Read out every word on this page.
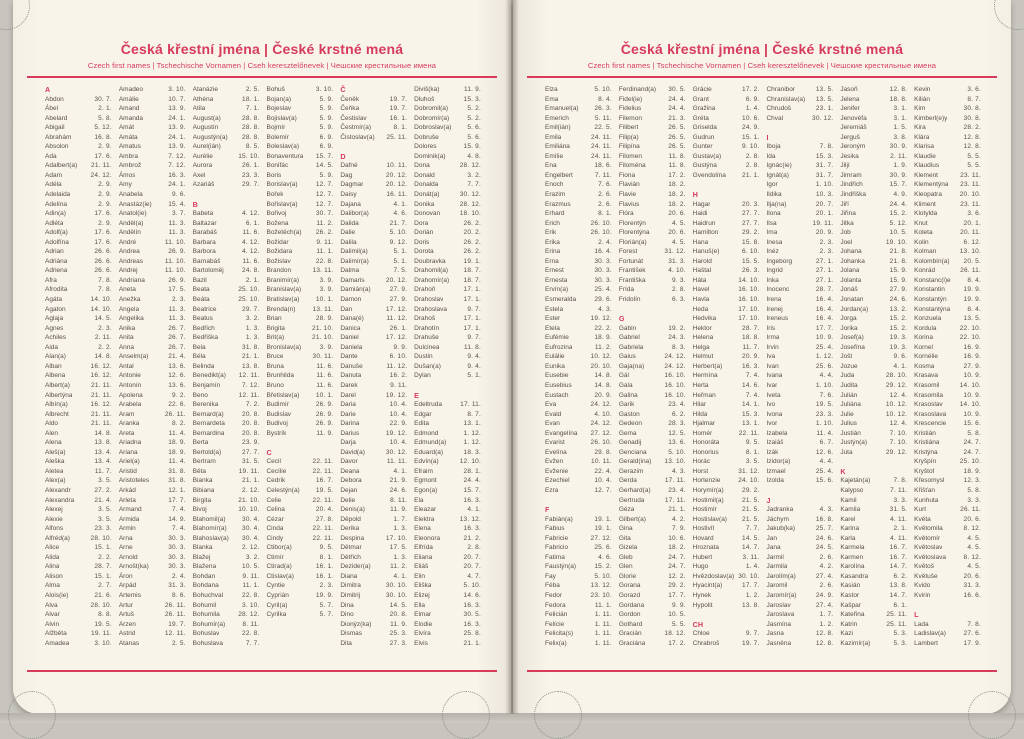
Česká křestní jména | České krstné mená
Czech first names | Tschechische Vornamen | Cseh keresztelőnevek | Чешские крестильные имена
A
Abdon	30. 7.
Ábel	2. 1.
Abelard	5. 8.
Abigail	5. 12.
Abrahám	16. 8.
Absolon	2. 9.
Ada	17. 6.
Adalbert(a) 21. 11.
Adam	24. 12.
Adéla	2. 9.
Adelaida	2. 9.
Adelína	2. 9.
Adin(a)	17. 6.
Adléta	2. 9.
Adolf(a)	17. 6.
Adolfína	17. 6.
Adrian	26. 6.
Adriána	26. 6.
Adriena	26. 6.
Afra	7. 8.
Afrodita	7. 8.
Agáta	14. 10.
Agaton	14. 10.
Aglaja	14. 5.
Agnes	2. 3.
Achiles	2. 11.
Aida	2. 2.
Alan(a)	14. 8.
Alban	16. 12.
Albena	16. 12.
Albert(a)	21. 11.
Albertýna	21. 11.
Albín(a)	16. 12.
Albrecht	21. 11.
Aldo	21. 11.
Alen	14. 8.
Alena	13. 8.
Aleš(a)	13. 4.
Aleška	13. 4.
Aletea	11. 7.
Alex(a)	3. 5.
Alexandr	27. 2.
Alexandra	21. 4.
Alexej	3. 5.
Alexie	3. 5.
Alfons	23. 3.
Alfréd(a)	28. 10.
Alice	15. 1.
Alida	2. 2.
Alina	28. 7.
Alison	15. 1.
Alma	2. 7.
Alois(ie)	21. 6.
Alva	28. 10.
Alvar	8. 8.
Alvin	19. 5.
Alžběta	19. 11.
Amadea	3. 10.
Amadeo	3. 10.
Amálie	10. 7.
Amand	13. 9.
Amanda	24. 1.
Amát	13. 9.
Amáta	24. 1.
Amatus	13. 9.
Ambra	7. 12.
Ambrož	7. 12.
Ámos	16. 3.
Amy	24. 1.
Anabela	9. 6.
Anastáz(ie)	15. 4.
Anatol(ie)	3. 7.
Anděl(a)	11. 3.
Andělín	11. 3.
André	11. 10.
Andrea	26. 9.
Andreas	11. 10.
Andrej	11. 10.
Andriana	26. 9.
Aneta	17. 5.
Anežka	2. 3.
Angela	11. 3.
Angelika	11. 3.
Anika	26. 7.
Anita	26. 7.
Anna	26. 7.
Anselm(a)	21. 4.
Antal	13. 6.
Antonie	12. 6.
Antonín	13. 6.
Apolena	9. 2.
Arabela	22. 6.
Aram	26. 11.
Aranka	8. 2.
Areta	11. 4.
Ariadna	18. 9.
Ariana	18. 9.
Ariel(a)	11. 4.
Aristid	31. 8.
Aristoteles	31. 8.
Arkád	12. 1.
Arleta	17. 7.
Armand	7. 4.
Armida	14. 9.
Armin	7. 4.
Arna	30. 3.
Arne	30. 3.
Arnold	30. 3.
Arnošt(ka)	30. 3.
Áron	2. 4.
Arpád	31. 3.
Artemis	8. 6.
Artur	26. 11.
Artuš	26. 11.
Arzen	19. 7.
Astrid	12. 11.
Atanas	2. 5.
Atanázie	2. 5.
Athéna	18. 1.
Atila	7. 1.
August(a)	28. 8.
Augustín	28. 8.
Augustýn(a) 28. 8.
Aurel(ián)	8. 5.
Aurélie	15. 10.
Aurora	26. 1.
Axel	23. 3.
Azariáš	29. 7.
B
Babeta	4. 12.
Baltazar	6. 1.
Barabáš	11. 6.
Barbara	4. 12.
Barbora	4. 12.
Barnabáš	11. 6.
Bartoloměj	24. 8.
Bazil	2. 1.
Beata	25. 10.
Beáta	25. 10.
Beatrice	29. 7.
Beatus	3. 2.
Bedřich	1. 3.
Bedřiška	1. 3.
Bela	31. 8.
Béla	21. 1.
Belinda	13. 8.
Benedikt(a) 12. 11.
Benjamín	7. 12.
Beno	12. 11.
Berenika	7. 2.
Bernard(a)	20. 8.
Bernardeta	20. 8.
Bernardina	20. 8.
Berta	23. 9.
Bertold(a)	27. 7.
Bertram	31. 5.
Běta	19. 11.
Bianka	21. 1.
Bibiana	2. 12.
Birgita	21. 10.
Bivoj	10. 10.
Blahomil(a)	30. 4.
Blahomír(a) 30. 4.
Blahoslav(a) 30. 4.
Blanka	2. 12.
Blažej	3. 2.
Blažena	10. 5.
Bohdan	9. 11.
Bohdana	11. 1.
Bohuchval	22. 8.
Bohumil	3. 10.
Bohumila	28. 12.
Bohumír(a)	8. 11.
Bohuslav	22. 8.
Bohuslava	7. 7.
Bohuš	3. 10.
Bojan(a)	5. 9.
Bojeslav	5. 9.
Bojislav(a)	5. 9.
Bojmír	5. 9.
Bolemír	6. 9.
Boleslav(a)	6. 9.
Bonaventura 15. 7.
Bonifác	14. 5.
Boris	5. 9.
Borislav(a)	12. 7.
Bořek	12. 7.
Bořislav(a)	12. 7.
Bořivoj	30. 7.
Božena	11. 2.
Božetěch(a) 26. 2.
Božidar	9. 11.
Božidara	11. 1.
Božislav	22. 8.
Brandon	13. 11.
Branimír(a)	3. 9.
Branislav(a)	3. 9.
Bratislav(a)	10. 1.
Brenda(n)	13. 11.
Brian	28. 9.
Brigita	21. 10.
Brit(a)	21. 10.
Bronislav(a)	3. 9.
Bruce	30. 11.
Bruna	11. 6.
Brunhilda	11. 6.
Bruno	11. 6.
Břetislav(a)	10. 1.
Budimír	26. 9.
Budislav	26. 9.
Budivoj	26. 9.
Bystrík	11. 9.
C
Cecil	22. 11.
Cecílie	22. 11.
Cedrik	16. 7.
Celestýn(a) 19. 5.
Celie	22. 11.
Celina	20. 4.
Cézar	27. 8.
Cinda	22. 11.
Cindy	22. 11.
Ctibor(a)	9. 5.
Ctimír	8. 1.
Ctirad(a)	16. 1.
Ctislav(a)	16. 1.
Cyntie	2. 3.
Cyprián	19. 9.
Cyril(a)	5. 7.
Cyrilka	5. 7.
Č
Čeněk	19. 7.
Čeňka	19. 7.
Čestislav	16. 1.
Čestmír(a)	8. 1.
Čistoslav(a) 25. 11.
D
Dafné	10. 11.
Dag	20. 12.
Dagmar	20. 12.
Daisy	16. 11.
Dajana	4. 1.
Dalibor(a)	4. 6.
Dalida	21. 7.
Dalie	5. 10.
Dalila	9. 12.
Dalimil(a)	5. 1.
Dalimír(a)	5. 1.
Dalma	7. 5.
Damaris	20. 12.
Damián(a)	27. 9.
Damon	27. 9.
Dan	17. 12.
Dana(é)	11. 12.
Danica	26. 1.
Daniel	17. 12.
Daniela	9. 9.
Dante	6. 10.
Danuše	11. 12.
Danuta	16. 2.
Darek	9. 11.
Darel	19. 12.
Daria	10. 4.
Darie	10. 4.
Darina	22. 9.
Darius	19. 12.
Darja	10. 4.
David(a)	30. 12.
Davor	11. 11.
Deana	4. 1.
Debora	21. 9.
Dejan	24. 6.
Delie	8. 11.
Denis(a)	11. 9.
Děpold	1. 7.
Derika	1. 3.
Despina	17. 10.
Dětmar	17. 5.
Dětřich	1. 3.
Dezider(a)	11. 2.
Diana	4. 1.
Dimitra	30. 10.
Dimitrij	30. 10.
Dina	14. 5.
Dino	20. 8.
Dionýz(ka)	11. 9.
Dismas	25. 3.
Dita	27. 3.
Diviš(ka)	11. 9.
Dluhoš	15. 3.
Dobromil(a)	5. 2.
Dobromír(a)	5. 2.
Dobroslav(a) 5. 6.
Dobruše	5. 6.
Dolores	15. 9.
Dominik(a)	4. 8.
Dona	28. 12.
Donald	3. 2.
Donalda	7. 7.
Donát(a)	30. 12.
Donika	28. 12.
Donovan	18. 10.
Dora	26. 2.
Dorián	20. 2.
Doris	26. 2.
Dorota	26. 2.
Doubravka	19. 1.
Drahomil(a) 18. 7.
Drahomír(a) 18. 7.
Drahoň	17. 1.
Drahoslav	17. 1.
Drahoslava	9. 7.
Drahoš	17. 1.
Drahotín	17. 1.
Drahuše	9. 7.
Dulcinea	11. 8.
Dustin	9. 4.
Dušan(a)	9. 4.
Dylan	5. 1.
E
Edeltruda	17. 11.
Edgar	8. 7.
Edita	13. 1.
Edmond	1. 12.
Edmund(a)	1. 12.
Eduard(a)	18. 3.
Edvín(a)	12. 10.
Efraim	28. 1.
Egmont	24. 4.
Egon(a)	15. 7.
Ela	16. 3.
Eleazar	4. 1.
Elektra	13. 12.
Elena	16. 3.
Eleonora	21. 2.
Elfrída	2. 8.
Eliana	20. 7.
Eliáš	20. 7.
Elin	4. 7.
Eliška	5. 10.
Elizej	14. 6.
Ella	16. 3.
Elmar	30. 5.
Elodie	16. 3.
Elvíra	25. 8.
Elvis	21. 1.
Česká křestní jména | České krstné mená
Czech first names | Tschechische Vornamen | Cseh keresztelőnevek | Чешские крестильные имена
Elza	5. 10.
Ema	8. 4.
Emanuel(a) 26. 3.
Emerich	5. 11.
Emil(ián)	22. 5.
Emila	24. 11.
Emiliána	24. 11.
Emílie	24. 11.
Ena	18. 6.
Engelbert	7. 11.
Enoch	7. 6.
Erazim	2. 6.
Erazmus	2. 6.
Erhard	8. 1.
Erich	26. 10.
Erik	26. 10.
Erika	2. 4.
Erina	16. 4.
Erna	30. 3.
Ernest	30. 3.
Ernesta	30. 3.
Ervín(a)	25. 4.
Esmeralda	29. 6.
Estela	4. 3.
Ester	19. 12.
Etela	22. 2.
Eufémie	18. 9.
Eufrozina	11. 2.
Eulálie	10. 12.
Eunika	20. 10.
Eusebie	14. 8.
Eusebius	14. 8.
Eustach	20. 9.
Eva	24. 12.
Evald	4. 10.
Evan	24. 12.
Evangelína 27. 12.
Evarist	26. 10.
Evelína	29. 8.
Evžen	10. 11.
Evženie	22. 4.
Ezechiel	10. 4.
Ezra	12. 7.
F
Fabián(a)	19. 1.
Fabius	19. 1.
Fabricie	27. 12.
Fabricio	25. 6.
Fatima	4. 6.
Faustýn(a)	15. 2.
Fay	5. 10.
Féba	13. 12.
Fedor	23. 10.
Fedora	11. 1.
Felicián	1. 11.
Felície	1. 11.
Felicita(s)	1. 11.
Felix(a)	1. 11.
Ferdinand(a) 30. 5.
Fidel(ie)	24. 4.
Fidelius	24. 4.
Filemon	21. 3.
Filibert	26. 5.
Filip(a)	26. 5.
Filipína	26. 5.
Filomen	11. 8.
Filoména	11. 8.
Fiona	17. 2.
Flavián	18. 2.
Flavie	18. 2.
Flavius	18. 2.
Flóra	20. 6.
Florentýn	4. 5.
Florentýna	20. 6.
Florián(a)	4. 5.
Forest	31. 12.
Fortunát	31. 3.
František	4. 10.
Františka	9. 3.
Frída	2. 8.
Fridolín	6. 3.
G
Gabin	19. 2.
Gabriel	24. 3.
Gabriela	8. 3.
Gaius	24. 12.
Gaja(na)	24. 12.
Gál	16. 10.
Gala	16. 10.
Galina	16. 10.
Garik	23. 4.
Gaston	6. 2.
Gedeon	28. 3.
Gema	12. 5.
Genadij	13. 6.
Genciana	5. 10.
Gerald(ina) 13. 10.
Gerazim	4. 3.
Gerda	17. 11.
Gerhard(a)	23. 4.
Gertruda	17. 11.
Géza	21. 1.
Gilbert(a)	4. 2.
Gina	7. 9.
Gita	10. 6.
Gizela	18. 2.
Gleb	24. 7.
Glen	24. 7.
Glorie	12. 2.
Gorana	29. 2.
Gorazd	17. 7.
Gordana	9. 9.
Gordon	10. 5.
Gothard	5. 5.
Gracián	18. 12.
Graciána	17. 2.
Grácie	17. 2.
Grant	6. 9.
Gražina	1. 4.
Gréta	10. 6.
Griselda	24. 9.
Gudrun	15. 1.
Gunter	9. 10.
Gustav(a)	2. 8.
Gustýna	2. 8.
Gvendolína 21. 1.
H
Hagar	20. 3.
Haidi	27. 7.
Haidrun	27. 7.
Hamilton	29. 2.
Hana	15. 8.
Hanuš(e)	6. 10.
Harold	15. 5.
Haštal	26. 3.
Háta	14. 10.
Havel	16. 10.
Havla	16. 10.
Heda	17. 10.
Hedvika	17. 10.
Hektor	28. 7.
Helena	18. 8.
Helga	11. 7.
Helmut	20. 9.
Herbert(a)	16. 3.
Hermína	7. 4.
Herta	14. 6.
Heřman	7. 4.
Hilar	14. 1.
Hilda	15. 3.
Hjalmar	13. 1.
Homér	22. 11.
Honoráta	9. 5.
Honorius	8. 1.
Horác	3. 5.
Horst	31. 12.
Hortenzie	24. 10.
Horymír(a)	29. 2.
Hostimil(a)	21. 5.
Hostimír	21. 5.
Hostislav(a) 21. 5.
Hostivít	7. 7.
Hovard	14. 5.
Hroznata	14. 7.
Hubert	3. 11.
Hugo	1. 4.
Hvězdoslav(a) 30. 10.
Hyacint(a)	17. 7.
Hynek	1. 2.
Hypolit	13. 8.
CH
Chloe	9. 7.
Chrabroš	19. 7.
Chranibor	13. 5.
Chranislav(a) 13. 5.
Chrudoš	23. 1.
Chval	30. 12.
I
Iboja	7. 8.
Ida	15. 3.
Ignác(ie)	31. 7.
Ignát(a)	31. 7.
Igor	1. 10.
Ildika	10. 3.
Ilja(na)	20. 7.
Ilona	20. 1.
Ilsa	19. 11.
Ima	20. 9.
Inesa	2. 3.
Inéz	2. 3.
Ingeborg	27. 1.
Ingrid	27. 1.
Inka	27. 1.
Inocenc	28. 7.
Irena	16. 4.
Irenej	16. 4.
Ireneus	16. 4.
Iris	17. 7.
Irma	10. 9.
Irvin	25. 4.
Iva	1. 12.
Ivan	25. 6.
Ivana	4. 4.
Ivar	1. 10.
Iveta	7. 6.
Ivo	19. 5.
Ivona	23. 3.
Ivor	1. 10.
Izabela	11. 4.
Izaiáš	6. 7.
Izák	12. 6.
Izidor(a)	4. 4.
Izmael	25. 4.
Izolda	15. 6.
J
Jadranka	4. 3.
Jáchym	16. 8.
Jakub(ka)	25. 7.
Jan	24. 6.
Jana	24. 5.
Jarmil	2. 6.
Jarmila	4. 2.
Jarolím(a)	27. 4.
Jaromil	2. 6.
Jaromír(a)	24. 9.
Jaroslav	27. 4.
Jaroslava	1. 7.
Jasmína	1. 2.
Jasna	12. 8.
Jasněna	12. 8.
Jasoň	12. 8.
Jelena	18. 8.
Jenifer	3. 1.
Jenovéfa	3. 1.
Jeremiáš	1. 5.
Jerguš	3. 8.
Jeroným	30. 9.
Jesika	2. 11.
Jiljí	1. 9.
Jimram	30. 9.
Jindřich	15. 7.
Jindřiška	4. 9.
Jiří	24. 4.
Jiřina	15. 2.
Jitka	5. 12.
Job	10. 5.
Joel	19. 10.
Johana	21. 8.
Johanka	21. 8.
Jolana	15. 9.
Jolanta	15. 9.
Jonáš	27. 9.
Jonatan	24. 6.
Jordan(a)	13. 2.
Jorga	15. 2.
Jorika	15. 2.
Josef(a)	19. 3.
Josefína	19. 3.
Jošt	9. 6.
Jozue	4. 1.
Juda	28. 10.
Judita	29. 12.
Julián	12. 4.
Juliána	10. 12.
Julie	10. 12.
Julius	12. 4.
Justián	7. 10.
Justýn(a)	7. 10.
Juta	29. 12.
K
Kajetán(a)	7. 8.
Kalypso	7. 11.
Kamil	3. 3.
Kamila	31. 5.
Karel	4. 11.
Karina	2. 1.
Karla	4. 11.
Karmela	16. 7.
Karmen	16. 7.
Karolína	14. 7.
Kasandra	6. 2.
Kasián	13. 8.
Kastor	14. 7.
Kašpar	6. 1.
Kateřina	25. 11.
Katrin	25. 11.
Kazi	5. 3.
Kazimír(a)	5. 3.
Kevin	3. 6.
Kilián	8. 7.
Kim	30. 8.
Kimberl(e)y 30. 8.
Kira	28. 2.
Klára	12. 8.
Klarisa	12. 8.
Klaudie	5. 5.
Klaudius	5. 5.
Klement	23. 11.
Klementýna 23. 11.
Kleopatra	20. 10.
Kliment	23. 11.
Klotylda	3. 6.
Knut	20. 1.
Koleta	20. 11.
Kolin	6. 12.
Kolman	13. 10.
Kolombín(a) 20. 5.
Konrád	26. 11.
Konstanc(i)e	8. 4.
Konstantin	19. 9.
Konstantýn	19. 9.
Konstantýna	8. 4.
Konzuela	13. 5.
Kordula	22. 10.
Korina	22. 10.
Kornel	16. 9.
Kornélie	16. 9.
Kosma	27. 9.
Krasava	10. 9.
Krasomil	14. 10.
Krasomila	10. 9.
Krasoslav	14. 10.
Krasoslava	10. 9.
Krescencie	15. 6.
Kristián	5. 8.
Kristiána	24. 7.
Kristýna	24. 7.
Kryšpín	25. 10.
Kryštof	18. 9.
Křesomysl	12. 3.
Křišťan	5. 8.
Kunhuta	3. 3.
Kurt	26. 11.
Květa	20. 6.
Květomila	8. 12.
Květomír	4. 5.
Květoslav	4. 5.
Květoslava	8. 12.
Květoš	4. 5.
Květuše	20. 6.
Kvido	31. 3.
Kvirin	16. 6.
L
Lada	7. 8.
Ladislav(a)	27. 6.
Lambert	17. 9.
